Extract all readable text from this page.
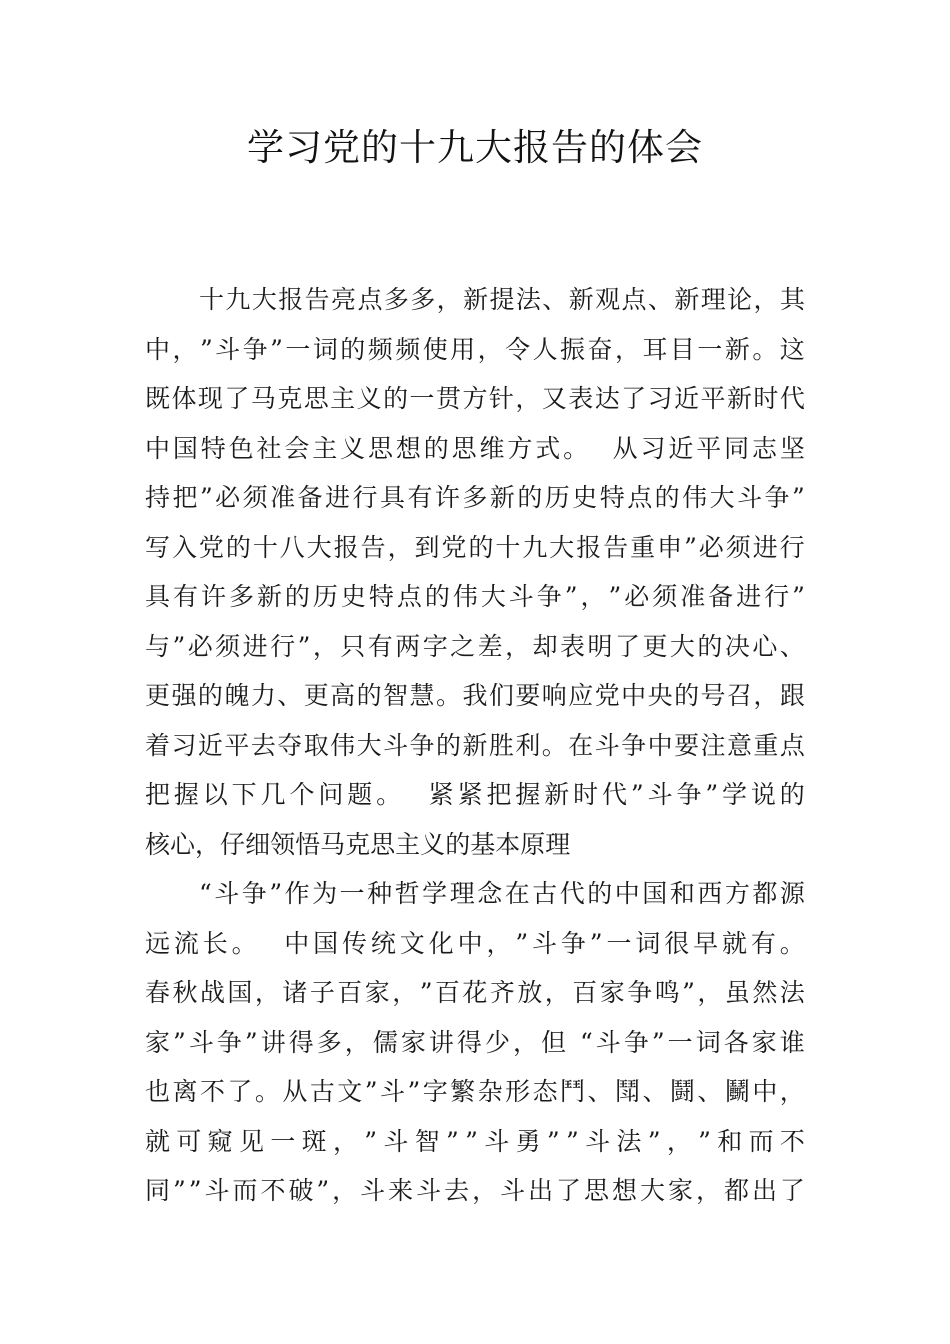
学习党的十九大报告的体会
十 九 大 报 告 亮 点 多 多 ， 新 提 法 、 新 观 点 、 新 理 论 ， 其
中 ， ” 斗 争 ” 一 词 的 频 频 使 用 ， 令 人 振 奋 ， 耳 目 一 新 。 这
既 体 现 了 马 克 思 主 义 的 一 贯 方 针 ， 又 表 达 了 习 近 平 新 时 代
中 国 特 色 社 会 主 义 思 想 的 思 维 方 式 。

从 习 近 平 同 志 坚
持 把 ” 必 须 准 备 进 行 具 有 许 多 新 的 历 史 特 点 的 伟 大 斗 争 ”
写 入 党 的 十 八 大 报 告 ， 到 党 的 十 九 大 报 告 重 申 ” 必 须 进 行
具 有 许 多 新 的 历 史 特 点 的 伟 大 斗 争 ” ， ” 必 须 准 备 进 行 ”
与 ” 必 须 进 行 ” ， 只 有 两 字 之 差 ， 却 表 明 了 更 大 的 决 心 、
更 强 的 魄 力 、 更 高 的 智 慧 。 我 们 要 响 应 党 中 央 的 号 召 ， 跟
着 习 近 平 去 夺 取 伟 大 斗 争 的 新 胜 利 。 在 斗 争 中 要 注 意 重 点
把 握 以 下 几 个 问 题 。

紧 紧 把 握 新 时 代 ” 斗 争 ” 学 说 的
核 心 ， 仔 细 领 悟 马 克 思 主 义 的 基 本 原 理
“ 斗 争 ” 作 为 一 种 哲 学 理 念 在 古 代 的 中 国 和 西 方 都 源
远 流 长 。

中 国 传 统 文 化 中 ， ” 斗 争 ” 一 词 很 早 就 有 。
春 秋 战 国 ， 诸 子 百 家 ， ” 百 花 齐 放 ， 百 家 争 鸣 ” ， 虽 然 法
家 ” 斗 争 ” 讲 得 多 ， 儒 家 讲 得 少 ， 但
“ 斗 争 ” 一 词 各 家 谁
也 离 不 了 。 从 古 文 ” 斗 ” 字 繁 杂 形 态 鬥 、 鬦 、 鬪 、 鬭 中 ，
就 可 窥 见 一 斑 ， ” 斗 智 ” ” 斗 勇 ” ” 斗 法 ” ， ” 和 而 不
同 ” ” 斗 而 不 破 ” ， 斗 来 斗 去 ， 斗 出 了 思 想 大 家 ， 都 出 了
